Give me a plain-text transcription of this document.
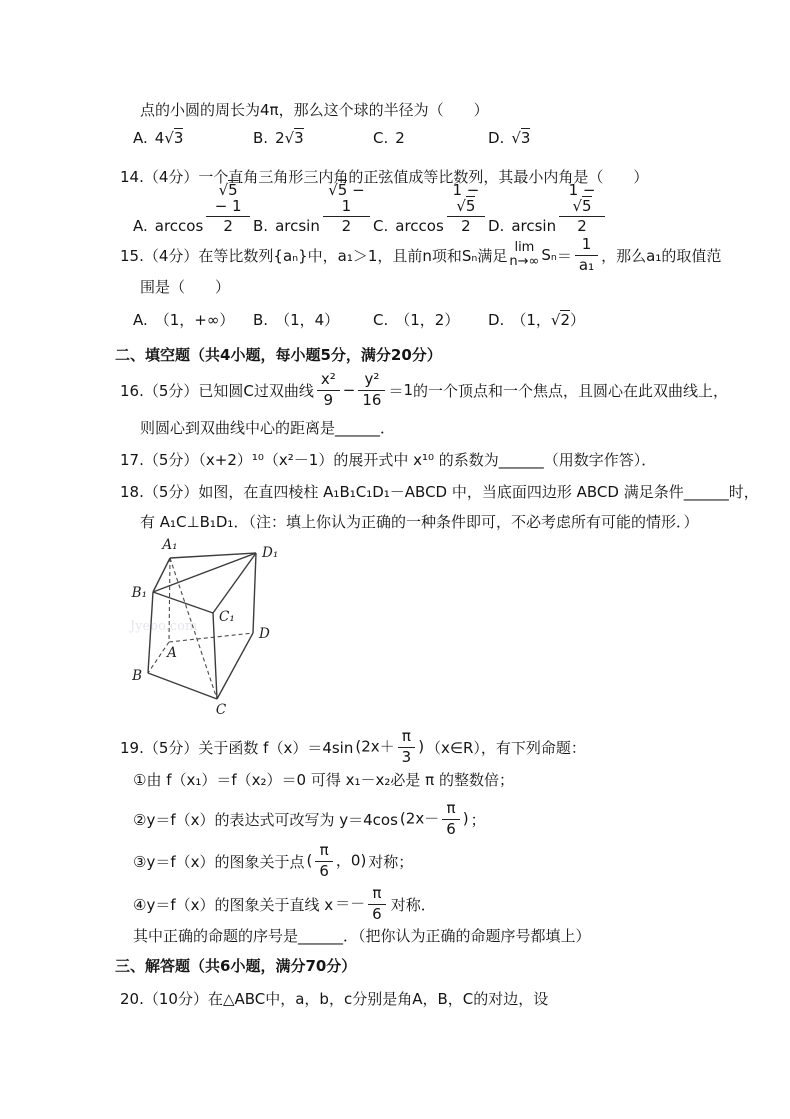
点的小圆的周长为4π，那么这个球的半径为（　　）
A. 4 √ 3	B. 2 √ 3	C. 2	D.	√ 3
14.（4分）一个直角三角形三内角的正弦值成等比数列，其最小内角是（　　）
A. arccos √ $\frac{5 - 1}{2} B$. arcsin √ $\frac{5 - 1}{2} C$. $\arccos \frac{1 - √ 5}{2} D$. $\arcsin \frac{1 - √ 5}{2}$
15.（4分）在等比数列{aₙ}中，a₁＞1，且前n项和Sₙ满足 lim
n→∞ $S_n = \frac{1}{\text{a₁}}$ ，那么a₁的取值范
围是（　　）
A. （1，+∞） B. （1，4） C. （1，2） D. （1， √ 2）
二、填空题（共4小题，每小题5分，满分20分）
16.（5分）已知圆C过双曲线 $\frac{\text{x²}}{9} - \frac{\text{y²}}{16} = 1$ 的一个顶点和一个焦点，且圆心在此双曲线上，
则圆心到双曲线中心的距离是______．
17.（5分）（x+2）¹⁰（x²－1）的展开式中 x¹⁰ 的系数为______（用数字作答）．
18.（5分）如图，在直四棱柱 A₁B₁C₁D₁－ABCD 中，当底面四边形 ABCD 满足条件______时，
有 A₁C⊥B₁D₁．（注：填上你认为正确的一种条件即可，不必考虑所有可能的情形．）
Jyeoo.com
A₁	D₁
B₁
C₁
A
B
C
D
19.（5分）关于函数 f（x）＝4sin ($2x+ \frac{\pi}{3}$ ) （x∈R），有下列命题：
①由 f（x₁）＝f（x₂）＝0 可得 x₁－x₂必是 π 的整数倍；
②y＝f（x）的表达式可改写为 y＝4cos ($2x- \frac{\pi}{6}$ ) ；
③y＝f（x）的图象关于点 ( $\frac{\pi}{6}$ ，0) 对称；
④y＝f（x）的图象关于直线 $x =- \frac{\pi}{6}$ 对称．
其中正确的命题的序号是______．（把你认为正确的命题序号都填上）
三、解答题（共6小题，满分70分）
20.（10分）在△ABC中，a，b，c分别是角A，B，C的对边，设
